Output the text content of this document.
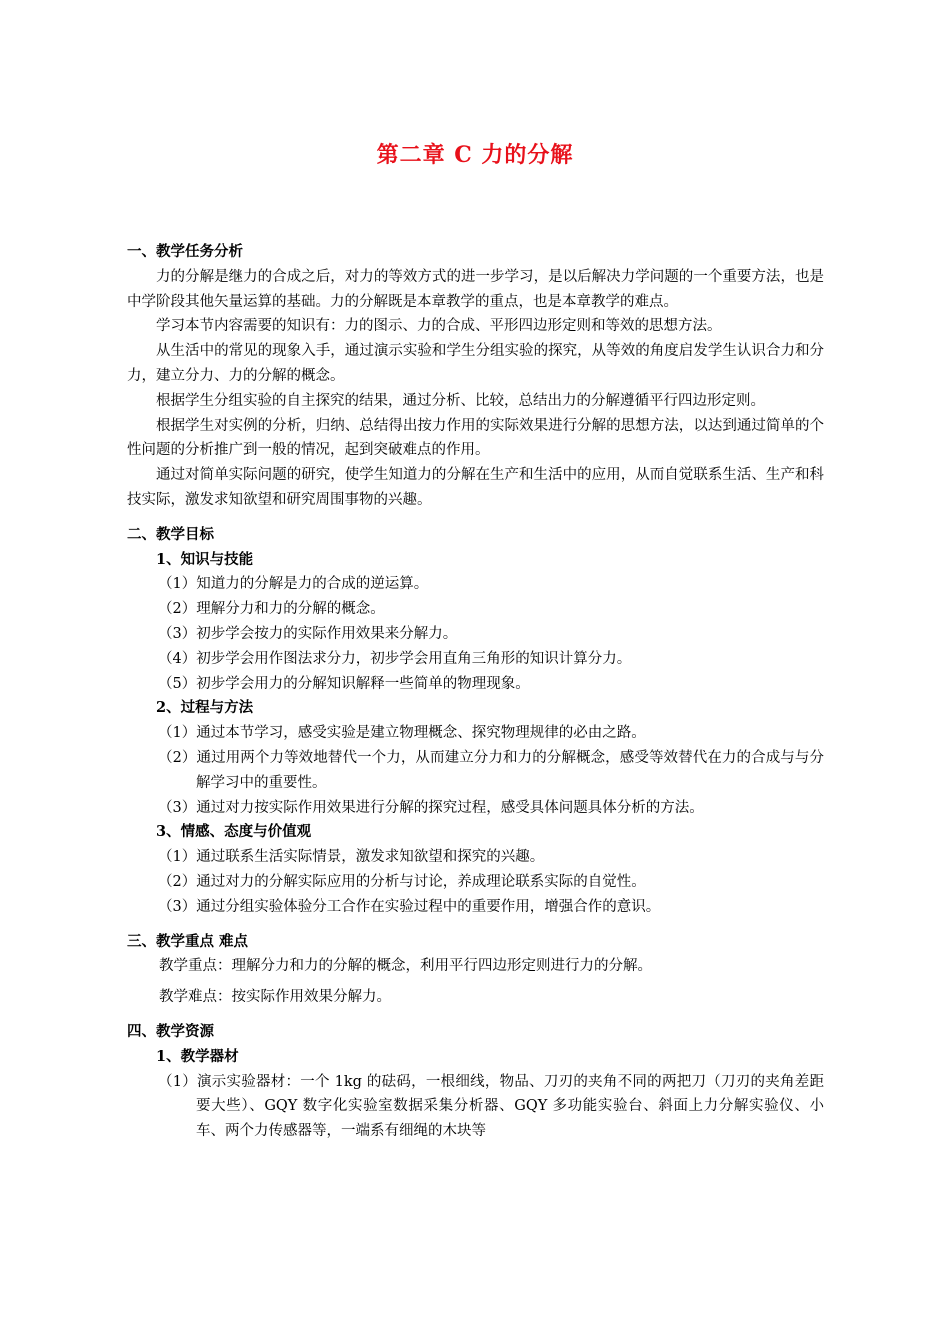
第二章 C 力的分解
一、教学任务分析

力的分解是继力的合成之后，对力的等效方式的进一步学习，是以后解决力学问题的一个重要方法，也是中学阶段其他矢量运算的基础。力的分解既是本章教学的重点，也是本章教学的难点。

学习本节内容需要的知识有：力的图示、力的合成、平形四边形定则和等效的思想方法。

从生活中的常见的现象入手，通过演示实验和学生分组实验的探究，从等效的角度启发学生认识合力和分力，建立分力、力的分解的概念。

根据学生分组实验的自主探究的结果，通过分析、比较，总结出力的分解遵循平行四边形定则。

根据学生对实例的分析，归纳、总结得出按力作用的实际效果进行分解的思想方法，以达到通过简单的个性问题的分析推广到一般的情况，起到突破难点的作用。

通过对简单实际问题的研究，使学生知道力的分解在生产和生活中的应用，从而自觉联系生活、生产和科技实际，激发求知欲望和研究周围事物的兴趣。

二、教学目标
1、知识与技能
（1）知道力的分解是力的合成的逆运算。
（2）理解分力和力的分解的概念。
（3）初步学会按力的实际作用效果来分解力。
（4）初步学会用作图法求分力，初步学会用直角三角形的知识计算分力。
（5）初步学会用力的分解知识解释一些简单的物理现象。
2、过程与方法
（1）通过本节学习，感受实验是建立物理概念、探究物理规律的必由之路。
（2）通过用两个力等效地替代一个力，从而建立分力和力的分解概念，感受等效替代在力的合成与与分解学习中的重要性。
（3）通过对力按实际作用效果进行分解的探究过程，感受具体问题具体分析的方法。
3、情感、态度与价值观
（1）通过联系生活实际情景，激发求知欲望和探究的兴趣。
（2）通过对力的分解实际应用的分析与讨论，养成理论联系实际的自觉性。
（3）通过分组实验体验分工合作在实验过程中的重要作用，增强合作的意识。
三、教学重点 难点
教学重点：理解分力和力的分解的概念，利用平行四边形定则进行力的分解。
教学难点：按实际作用效果分解力。
四、教学资源
1、教学器材
（1）演示实验器材：一个 1kg 的砝码，一根细线，物品、刀刃的夹角不同的两把刀（刀刃的夹角差距要大些）、GQY 数字化实验室数据采集分析器、GQY 多功能实验台、斜面上力分解实验仪、小车、两个力传感器等，一端系有细绳的木块等
